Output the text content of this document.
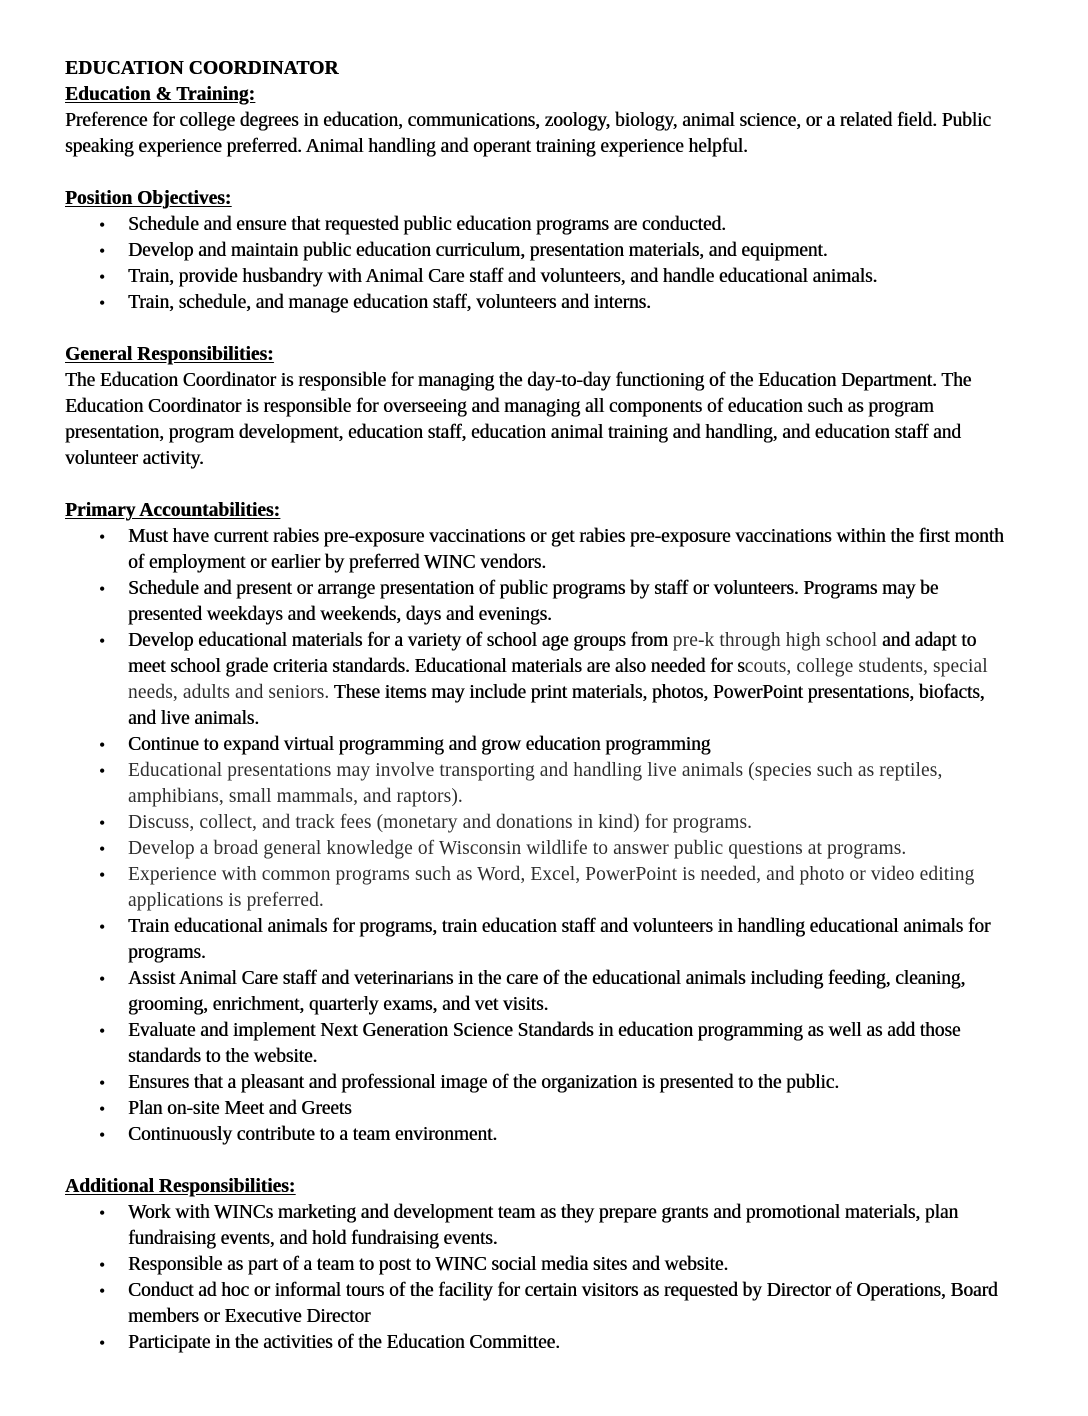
EDUCATION COORDINATOR
Education & Training:

Preference for college degrees in education, communications, zoology, biology, animal science, or a related field. Public speaking experience preferred. Animal handling and operant training experience helpful.

Position Objectives:
• Schedule and ensure that requested public education programs are conducted.
• Develop and maintain public education curriculum, presentation materials, and equipment.
• Train, provide husbandry with Animal Care staff and volunteers, and handle educational animals.
• Train, schedule, and manage education staff, volunteers and interns.
General Responsibilities:

The Education Coordinator is responsible for managing the day-to-day functioning of the Education Department. The Education Coordinator is responsible for overseeing and managing all components of education such as program presentation, program development, education staff, education animal training and handling, and education staff and volunteer activity.

Primary Accountabilities:
• Must have current rabies pre-exposure vaccinations or get rabies pre-exposure vaccinations within the first month of employment or earlier by preferred WINC vendors.
• Schedule and present or arrange presentation of public programs by staff or volunteers. Programs may be presented weekdays and weekends, days and evenings.
• Develop educational materials for a variety of school age groups from pre-k through high school and adapt to meet school grade criteria standards. Educational materials are also needed for scouts, college students, special needs, adults and seniors. These items may include print materials, photos, PowerPoint presentations, biofacts, and live animals.
• Continue to expand virtual programming and grow education programming
• Educational presentations may involve transporting and handling live animals (species such as reptiles, amphibians, small mammals, and raptors).
• Discuss, collect, and track fees (monetary and donations in kind) for programs.
• Develop a broad general knowledge of Wisconsin wildlife to answer public questions at programs.
• Experience with common programs such as Word, Excel, PowerPoint is needed, and photo or video editing applications is preferred.
• Train educational animals for programs, train education staff and volunteers in handling educational animals for programs.
• Assist Animal Care staff and veterinarians in the care of the educational animals including feeding, cleaning, grooming, enrichment, quarterly exams, and vet visits.
• Evaluate and implement Next Generation Science Standards in education programming as well as add those standards to the website.
• Ensures that a pleasant and professional image of the organization is presented to the public.
• Plan on-site Meet and Greets
• Continuously contribute to a team environment.
Additional Responsibilities:
• Work with WINCs marketing and development team as they prepare grants and promotional materials, plan fundraising events, and hold fundraising events.
• Responsible as part of a team to post to WINC social media sites and website.
• Conduct ad hoc or informal tours of the facility for certain visitors as requested by Director of Operations, Board members or Executive Director
• Participate in the activities of the Education Committee.
